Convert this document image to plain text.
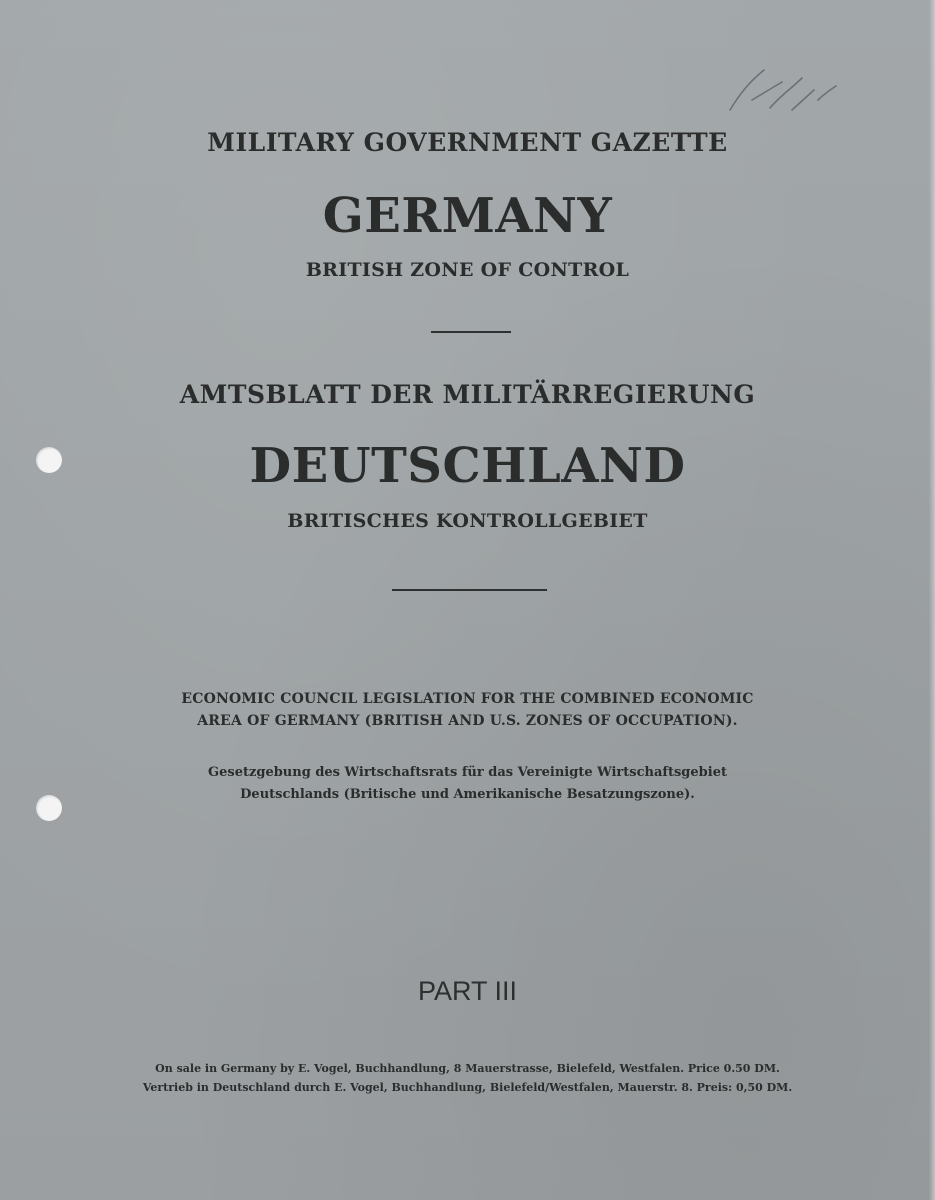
MILITARY GOVERNMENT GAZETTE
GERMANY
BRITISH ZONE OF CONTROL
AMTSBLATT DER MILITÄRREGIERUNG
DEUTSCHLAND
BRITISCHES KONTROLLGEBIET
ECONOMIC COUNCIL LEGISLATION FOR THE COMBINED ECONOMIC
AREA OF GERMANY (BRITISH AND U.S. ZONES OF OCCUPATION).
Gesetzgebung des Wirtschaftsrats für das Vereinigte Wirtschaftsgebiet
Deutschlands (Britische und Amerikanische Besatzungszone).
PART III
On sale in Germany by E. Vogel, Buchhandlung, 8 Mauerstrasse, Bielefeld, Westfalen. Price 0.50 DM.
Vertrieb in Deutschland durch E. Vogel, Buchhandlung, Bielefeld/Westfalen, Mauerstr. 8. Preis: 0,50 DM.
